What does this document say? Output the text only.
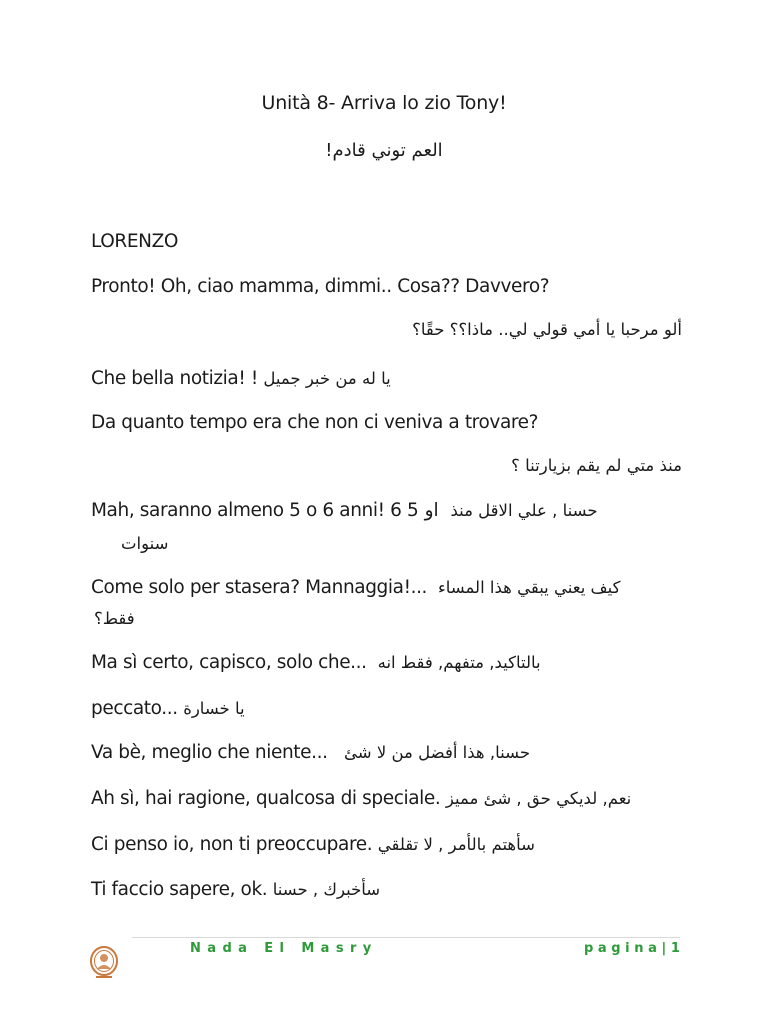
Unità 8- Arriva lo zio Tony!
العم توني قادم!
LORENZO
Pronto! Oh, ciao mamma, dimmi.. Cosa?? Davvero?
ألو مرحبا يا أمي قولي لي.. ماذا؟؟ حقًا؟
Che bella notizia! ! يا له من خبر جميل
Da quanto tempo era che non ci veniva a trovare?
منذ متي لم يقم بزيارتنا ؟
Mah, saranno almeno 5 o 6 anni! 6 او 5 حسنا , علي الاقل منذ
سنوات
Come solo per stasera? Mannaggia!... كيف يعني يبقي هذا المساء
فقط؟
Ma sì certo, capisco, solo che... بالتاكيد, متفهم, فقط انه
peccato... يا خسارة
Va bè, meglio che niente... حسنا, هذا أفضل من لا شئ
Ah sì, hai ragione, qualcosa di speciale. نعم, لديكي حق , شئ مميز
Ci penso io, non ti preoccupare. سأهتم بالأمر , لا تقلقي
Ti faccio sapere, ok. سأخبرك , حسنا
Nada El Masry	pagina|1
